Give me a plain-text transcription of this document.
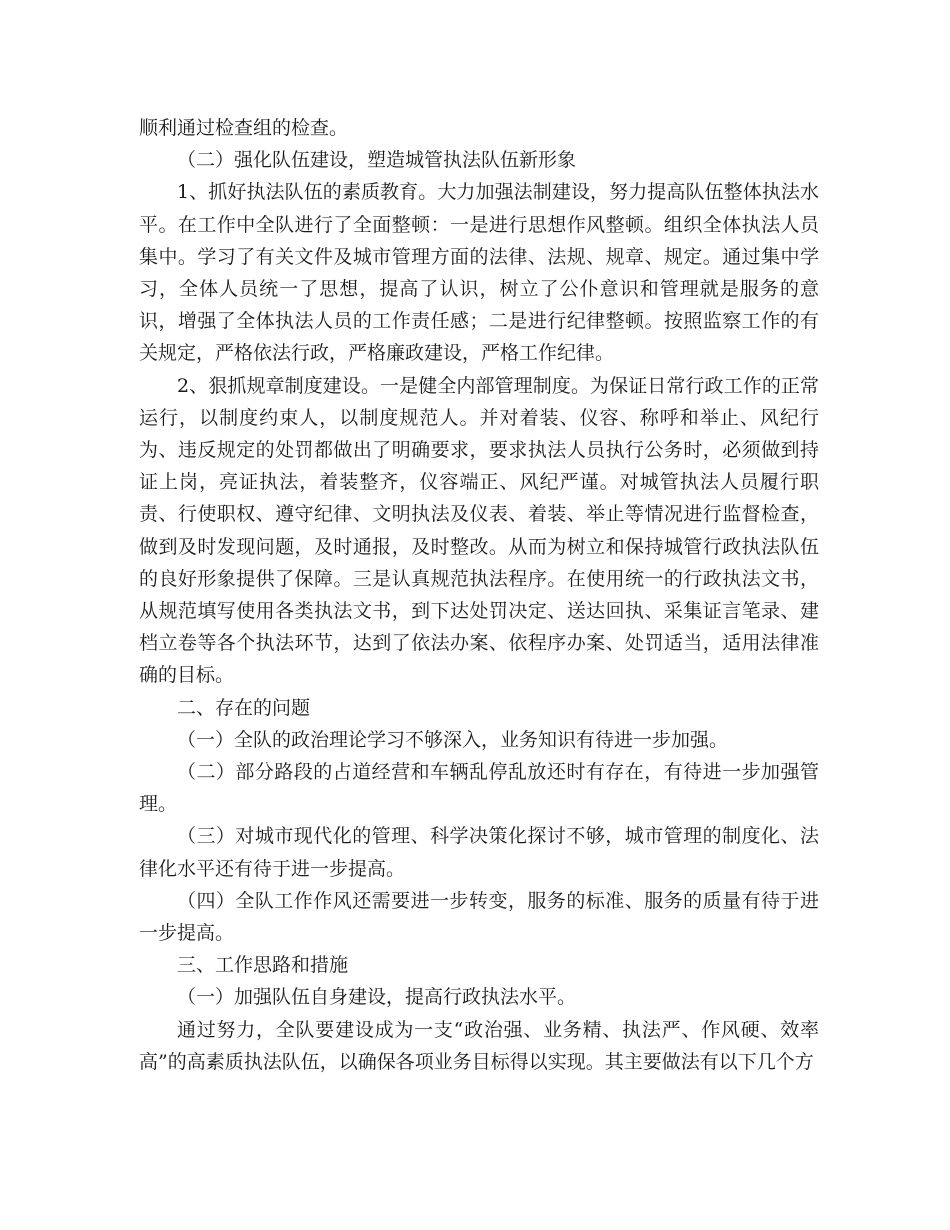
顺利通过检查组的检查。

（二）强化队伍建设，塑造城管执法队伍新形象

1、抓好执法队伍的素质教育。大力加强法制建设，努力提高队伍整体执法水平。在工作中全队进行了全面整顿：一是进行思想作风整顿。组织全体执法人员集中。学习了有关文件及城市管理方面的法律、法规、规章、规定。通过集中学习，全体人员统一了思想，提高了认识，树立了公仆意识和管理就是服务的意识，增强了全体执法人员的工作责任感；二是进行纪律整顿。按照监察工作的有关规定，严格依法行政，严格廉政建设，严格工作纪律。

2、狠抓规章制度建设。一是健全内部管理制度。为保证日常行政工作的正常运行，以制度约束人，以制度规范人。并对着装、仪容、称呼和举止、风纪行为、违反规定的处罚都做出了明确要求，要求执法人员执行公务时，必须做到持证上岗，亮证执法，着装整齐，仪容端正、风纪严谨。对城管执法人员履行职责、行使职权、遵守纪律、文明执法及仪表、着装、举止等情况进行监督检查，做到及时发现问题，及时通报，及时整改。从而为树立和保持城管行政执法队伍的良好形象提供了保障。三是认真规范执法程序。在使用统一的行政执法文书，从规范填写使用各类执法文书，到下达处罚决定、送达回执、采集证言笔录、建档立卷等各个执法环节，达到了依法办案、依程序办案、处罚适当，适用法律准确的目标。

二、存在的问题

（一）全队的政治理论学习不够深入，业务知识有待进一步加强。

（二）部分路段的占道经营和车辆乱停乱放还时有存在，有待进一步加强管理。

（三）对城市现代化的管理、科学决策化探讨不够，城市管理的制度化、法律化水平还有待于进一步提高。

（四）全队工作作风还需要进一步转变，服务的标准、服务的质量有待于进一步提高。

三、工作思路和措施

（一）加强队伍自身建设，提高行政执法水平。

通过努力，全队要建设成为一支“政治强、业务精、执法严、作风硬、效率高”的高素质执法队伍，以确保各项业务目标得以实现。其主要做法有以下几个方
